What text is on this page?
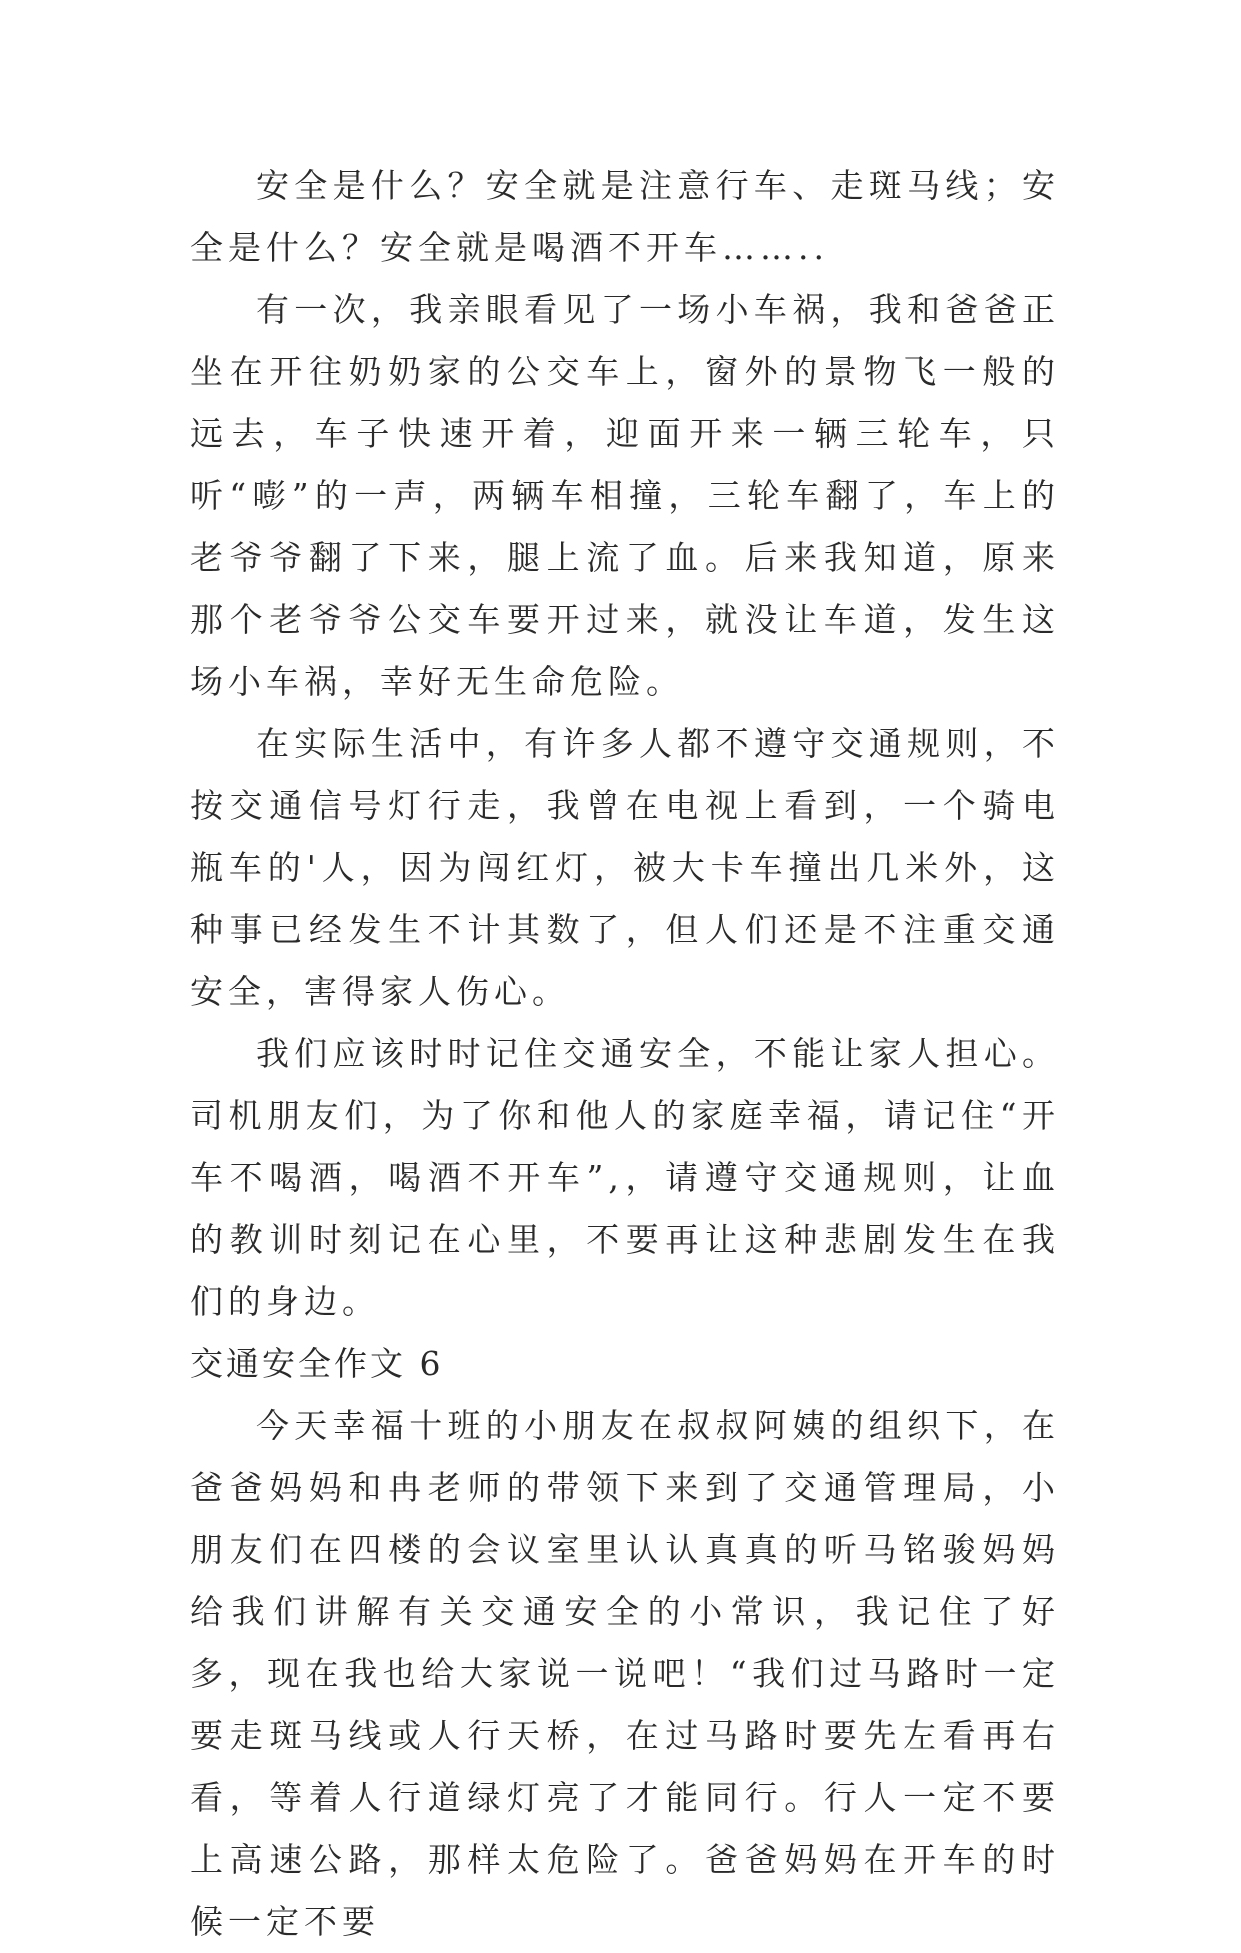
安全是什么？安全就是注意行车、走斑马线；安全是什么？安全就是喝酒不开车……..

有一次，我亲眼看见了一场小车祸，我和爸爸正坐在开往奶奶家的公交车上，窗外的景物飞一般的远去，车子快速开着，迎面开来一辆三轮车，只听“嘭”的一声，两辆车相撞，三轮车翻了，车上的老爷爷翻了下来，腿上流了血。后来我知道，原来那个老爷爷公交车要开过来，就没让车道，发生这场小车祸，幸好无生命危险。

在实际生活中，有许多人都不遵守交通规则，不按交通信号灯行走，我曾在电视上看到，一个骑电瓶车的'人，因为闯红灯，被大卡车撞出几米外，这种事已经发生不计其数了，但人们还是不注重交通安全，害得家人伤心。

我们应该时时记住交通安全，不能让家人担心。司机朋友们，为了你和他人的家庭幸福，请记住“开车不喝酒，喝酒不开车”,，请遵守交通规则，让血的教训时刻记在心里，不要再让这种悲剧发生在我们的身边。

交通安全作文 6

今天幸福十班的小朋友在叔叔阿姨的组织下，在爸爸妈妈和冉老师的带领下来到了交通管理局，小朋友们在四楼的会议室里认认真真的听马铭骏妈妈给我们讲解有关交通安全的小常识，我记住了好多，现在我也给大家说一说吧！“我们过马路时一定要走斑马线或人行天桥，在过马路时要先左看再右看，等着人行道绿灯亮了才能同行。行人一定不要上高速公路，那样太危险了。爸爸妈妈在开车的时候一定不要
